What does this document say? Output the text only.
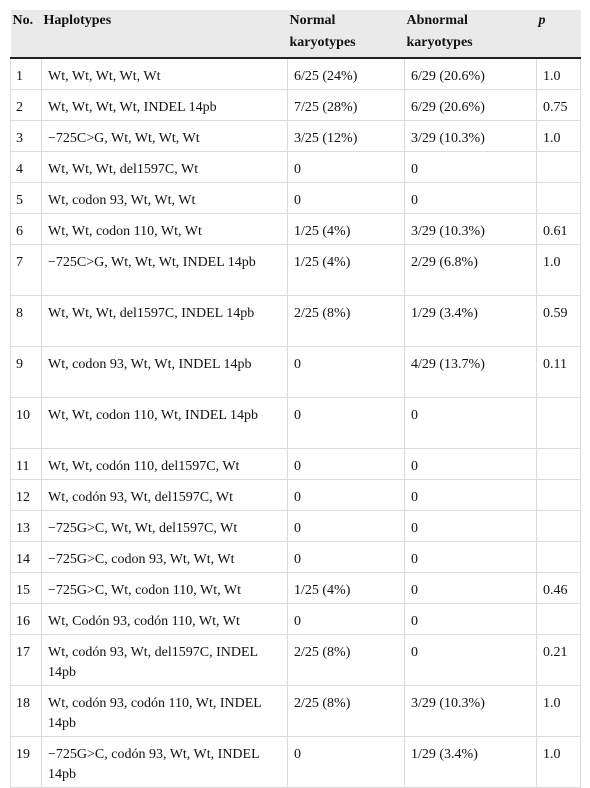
No.	Haplotypes	Normal karyotypes	Abnormal karyotypes	p
1	Wt, Wt, Wt, Wt, Wt	6/25 (24%)	6/29 (20.6%)	1.0
2	Wt, Wt, Wt, Wt, INDEL 14pb	7/25 (28%)	6/29 (20.6%)	0.75
3	−725C>G, Wt, Wt, Wt, Wt	3/25 (12%)	3/29 (10.3%)	1.0
4	Wt, Wt, Wt, del1597C, Wt	0	0	
5	Wt, codon 93, Wt, Wt, Wt	0	0	
6	Wt, Wt, codon 110, Wt, Wt	1/25 (4%)	3/29 (10.3%)	0.61
7	−725C>G, Wt, Wt, Wt, INDEL 14pb	1/25 (4%)	2/29 (6.8%)	1.0
8	Wt, Wt, Wt, del1597C, INDEL 14pb	2/25 (8%)	1/29 (3.4%)	0.59
9	Wt, codon 93, Wt, Wt, INDEL 14pb	0	4/29 (13.7%)	0.11
10	Wt, Wt, codon 110, Wt, INDEL 14pb	0	0	
11	Wt, Wt, codón 110, del1597C, Wt	0	0	
12	Wt, codón 93, Wt, del1597C, Wt	0	0	
13	−725G>C, Wt, Wt, del1597C, Wt	0	0	
14	−725G>C, codon 93, Wt, Wt, Wt	0	0	
15	−725G>C, Wt, codon 110, Wt, Wt	1/25 (4%)	0	0.46
16	Wt, Codón 93, codón 110, Wt, Wt	0	0	
17	Wt, codón 93, Wt, del1597C, INDEL 14pb	2/25 (8%)	0	0.21
18	Wt, codón 93, codón 110, Wt, INDEL 14pb	2/25 (8%)	3/29 (10.3%)	1.0
19	−725G>C, codón 93, Wt, Wt, INDEL 14pb	0	1/29 (3.4%)	1.0
